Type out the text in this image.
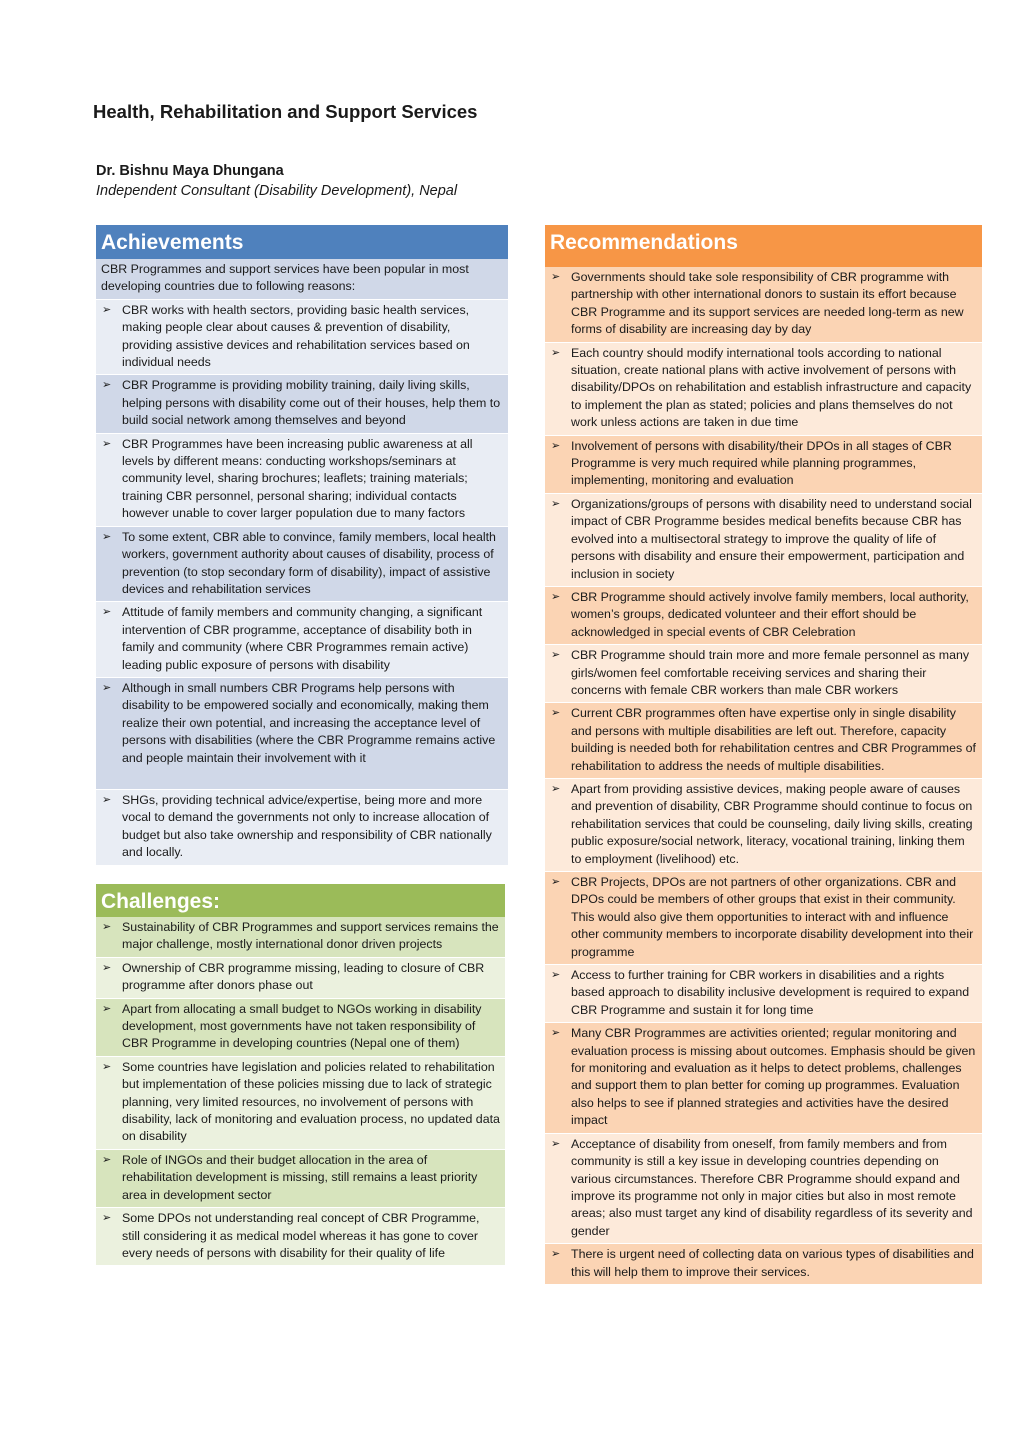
Health, Rehabilitation and Support Services
Dr. Bishnu Maya Dhungana
Independent Consultant (Disability Development), Nepal
Achievements
CBR Programmes and support services have been popular in most developing countries due to following reasons:
➢ CBR works with health sectors, providing basic health services, making people clear about causes & prevention of disability, providing assistive devices and rehabilitation services based on individual needs
➢ CBR Programme is providing mobility training, daily living skills, helping persons with disability come out of their houses, help them to build social network among themselves and beyond
➢ CBR Programmes have been increasing public awareness at all levels by different means: conducting workshops/seminars at community level, sharing brochures; leaflets; training materials; training CBR personnel, personal sharing; individual contacts however unable to cover larger population due to many factors
➢ To some extent, CBR able to convince, family members, local health workers, government authority about causes of disability, process of prevention (to stop secondary form of disability), impact of assistive devices and rehabilitation services
➢ Attitude of family members and community changing, a significant intervention of CBR programme, acceptance of disability both in family and community (where CBR Programmes remain active) leading public exposure of persons with disability
➢ Although in small numbers CBR Programs help persons with disability to be empowered socially and economically, making them realize their own potential, and increasing the acceptance level of persons with disabilities (where the CBR Programme remains active and people maintain their involvement with it
➢ SHGs, providing technical advice/expertise, being more and more vocal to demand the governments not only to increase allocation of budget but also take ownership and responsibility of CBR nationally and locally.
Challenges:
➢ Sustainability of CBR Programmes and support services remains the major challenge, mostly international donor driven projects
➢ Ownership of CBR programme missing, leading to closure of CBR programme after donors phase out
➢ Apart from allocating a small budget to NGOs working in disability development, most governments have not taken responsibility of CBR Programme in developing countries (Nepal one of them)
➢ Some countries have legislation and policies related to rehabilitation but implementation of these policies missing due to lack of strategic planning, very limited resources, no involvement of persons with disability, lack of monitoring and evaluation process, no updated data on disability
➢ Role of INGOs and their budget allocation in the area of rehabilitation development is missing, still remains a least priority area in development sector
➢ Some DPOs not understanding real concept of CBR Programme, still considering it as medical model whereas it has gone to cover every needs of persons with disability for their quality of life
Recommendations
➢ Governments should take sole responsibility of CBR programme with partnership with other international donors to sustain its effort because CBR Programme and its support services are needed long-term as new forms of disability are increasing day by day
➢ Each country should modify international tools according to national situation, create national plans with active involvement of persons with disability/DPOs on rehabilitation and establish infrastructure and capacity to implement the plan as stated; policies and plans themselves do not work unless actions are taken in due time
➢ Involvement of persons with disability/their DPOs in all stages of CBR Programme is very much required while planning programmes, implementing, monitoring and evaluation
➢ Organizations/groups of persons with disability need to understand social impact of CBR Programme besides medical benefits because CBR has evolved into a multisectoral strategy to improve the quality of life of persons with disability and ensure their empowerment, participation and inclusion in society
➢ CBR Programme should actively involve family members, local authority, women’s groups, dedicated volunteer and their effort should be acknowledged in special events of CBR Celebration
➢ CBR Programme should train more and more female personnel as many girls/women feel comfortable receiving services and sharing their concerns with female CBR workers than male CBR workers
➢ Current CBR programmes often have expertise only in single disability and persons with multiple disabilities are left out. Therefore, capacity building is needed both for rehabilitation centres and CBR Programmes of rehabilitation to address the needs of multiple disabilities.
➢ Apart from providing assistive devices, making people aware of causes and prevention of disability, CBR Programme should continue to focus on rehabilitation services that could be counseling, daily living skills, creating public exposure/social network, literacy, vocational training, linking them to employment (livelihood) etc.
➢ CBR Projects, DPOs are not partners of other organizations. CBR and DPOs could be members of other groups that exist in their community. This would also give them opportunities to interact with and influence other community members to incorporate disability development into their programme
➢ Access to further training for CBR workers in disabilities and a rights based approach to disability inclusive development is required to expand CBR Programme and sustain it for long time
➢ Many CBR Programmes are activities oriented; regular monitoring and evaluation process is missing about outcomes. Emphasis should be given for monitoring and evaluation as it helps to detect problems, challenges and support them to plan better for coming up programmes. Evaluation also helps to see if planned strategies and activities have the desired impact
➢ Acceptance of disability from oneself, from family members and from community is still a key issue in developing countries depending on various circumstances. Therefore CBR Programme should expand and improve its programme not only in major cities but also in most remote areas; also must target any kind of disability regardless of its severity and gender
➢ There is urgent need of collecting data on various types of disabilities and this will help them to improve their services.
